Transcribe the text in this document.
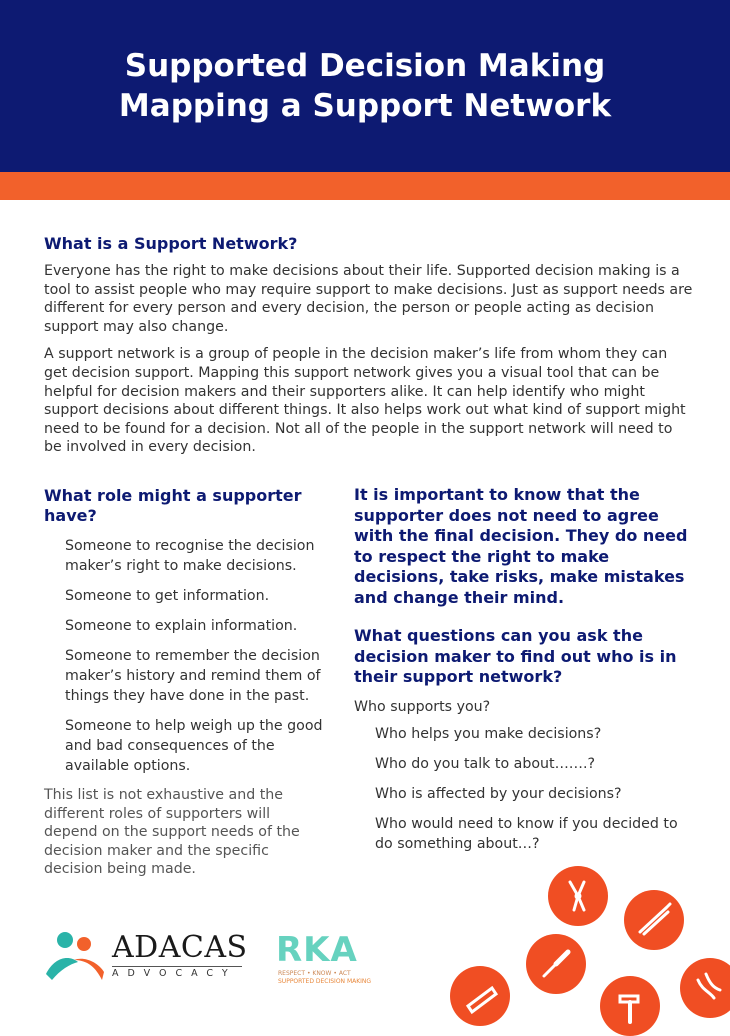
Supported Decision Making
Mapping a Support Network

What is a Support Network?

Everyone has the right to make decisions about their life. Supported decision making is a tool to assist people who may require support to make decisions. Just as support needs are different for every person and every decision, the person or people acting as decision support may also change.

A support network is a group of people in the decision maker’s life from whom they can get decision support. Mapping this support network gives you a visual tool that can be helpful for decision makers and their supporters alike. It can help identify who might support decisions about different things. It also helps work out what kind of support might need to be found for a decision. Not all of the people in the support network will need to be involved in every decision.

What role might a supporter have?

Someone to recognise the decision maker’s right to make decisions.
Someone to get information.
Someone to explain information.
Someone to remember the decision maker’s history and remind them of things they have done in the past.
Someone to help weigh up the good and bad consequences of the available options.

This list is not exhaustive and the different roles of supporters will depend on the support needs of the decision maker and the specific decision being made.

It is important to know that the supporter does not need to agree with the final decision. They do need to respect the right to make decisions, take risks, make mistakes and change their mind.

What questions can you ask the decision maker to find out who is in their support network?

Who supports you?

Who helps you make decisions?
Who do you talk to about…….?
Who is affected by your decisions?
Who would need to know if you decided to do something about…?
ADACAS
ADVOCACY
RKA
RESPECT • KNOW • ACT
SUPPORTED DECISION MAKING
